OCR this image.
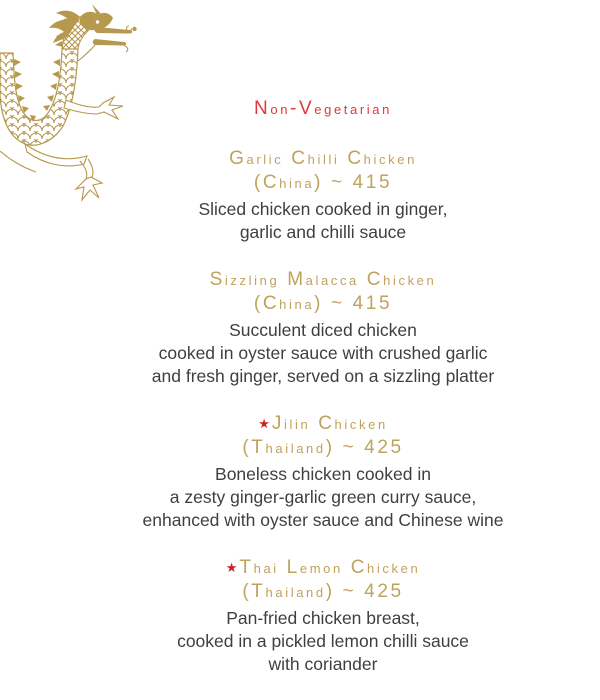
Non-Vegetarian
Garlic Chilli Chicken
(China) ~ 415
Sliced chicken cooked in ginger,
garlic and chilli sauce
Sizzling Malacca Chicken
(China) ~ 415
Succulent diced chicken
cooked in oyster sauce with crushed garlic
and fresh ginger, served on a sizzling platter
★Jilin Chicken
(Thailand) ~ 425
Boneless chicken cooked in
a zesty ginger-garlic green curry sauce,
enhanced with oyster sauce and Chinese wine
★Thai Lemon Chicken
(Thailand) ~ 425
Pan-fried chicken breast,
cooked in a pickled lemon chilli sauce
with coriander
